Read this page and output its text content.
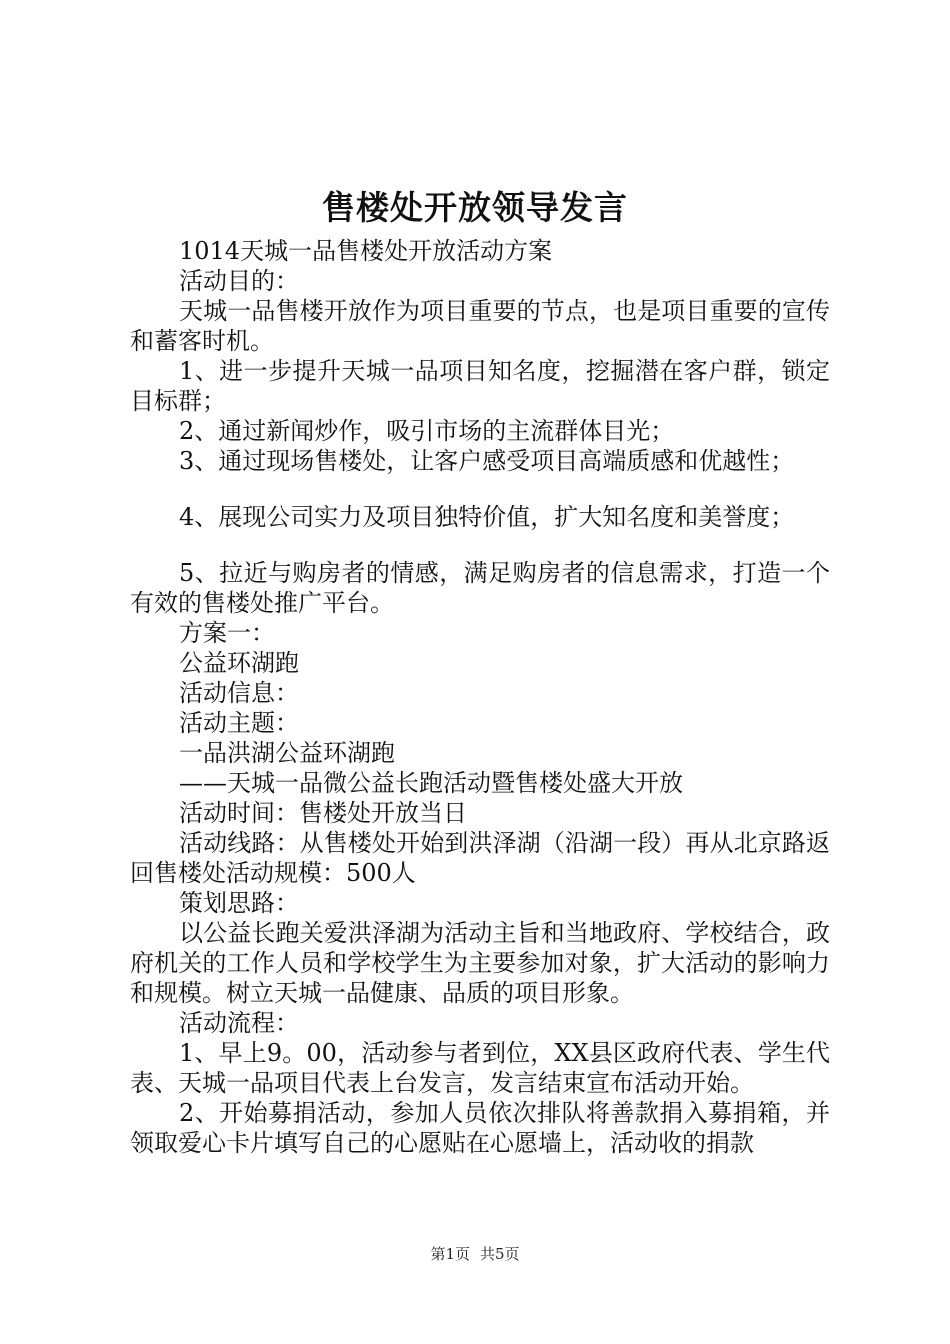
售楼处开放领导发言

1014天城一品售楼处开放活动方案

活动目的：

天城一品售楼开放作为项目重要的节点，也是项目重要的宣传和蓄客时机。

1、进一步提升天城一品项目知名度，挖掘潜在客户群，锁定目标群；

2、通过新闻炒作，吸引市场的主流群体目光；

3、通过现场售楼处，让客户感受项目高端质感和优越性；

4、展现公司实力及项目独特价值，扩大知名度和美誉度；

5、拉近与购房者的情感，满足购房者的信息需求，打造一个有效的售楼处推广平台。

方案一：

公益环湖跑

活动信息：

活动主题：

一品洪湖公益环湖跑

——天城一品微公益长跑活动暨售楼处盛大开放

活动时间：售楼处开放当日

活动线路：从售楼处开始到洪泽湖（沿湖一段）再从北京路返回售楼处活动规模：500人

策划思路：

以公益长跑关爱洪泽湖为活动主旨和当地政府、学校结合，政府机关的工作人员和学校学生为主要参加对象，扩大活动的影响力和规模。树立天城一品健康、品质的项目形象。

活动流程：

1、早上9。00，活动参与者到位，XX县区政府代表、学生代表、天城一品项目代表上台发言，发言结束宣布活动开始。

2、开始募捐活动，参加人员依次排队将善款捐入募捐箱，并领取爱心卡片填写自己的心愿贴在心愿墙上，活动收的捐款

第1页 共5页
